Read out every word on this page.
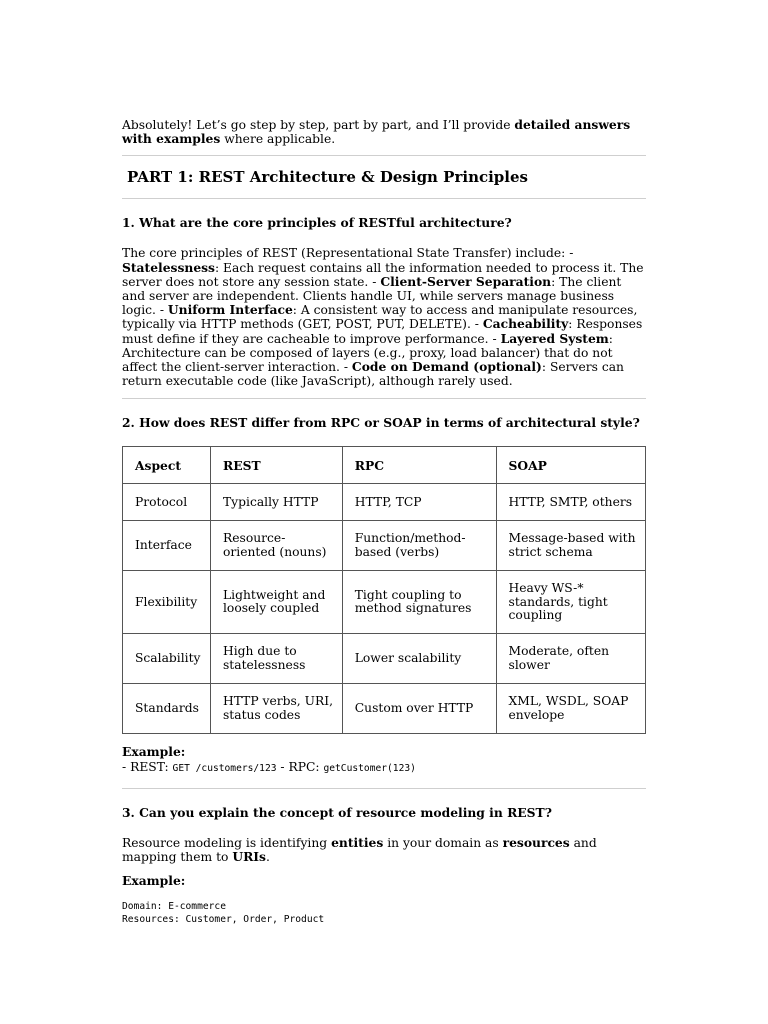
Absolutely! Let’s go step by step, part by part, and I’ll provide detailed answers with examples where applicable.

PART 1: REST Architecture & Design Principles
1. What are the core principles of RESTful architecture?

The core principles of REST (Representational State Transfer) include: - Statelessness: Each request contains all the information needed to process it. The server does not store any session state. - Client-Server Separation: The client and server are independent. Clients handle UI, while servers manage business logic. - Uniform Interface: A consistent way to access and manipulate resources, typically via HTTP methods (GET, POST, PUT, DELETE). - Cacheability: Responses must define if they are cacheable to improve performance. - Layered System: Architecture can be composed of layers (e.g., proxy, load balancer) that do not affect the client-server interaction. - Code on Demand (optional): Servers can return executable code (like JavaScript), although rarely used.

2. How does REST differ from RPC or SOAP in terms of architectural style?
Aspect	REST	RPC	SOAP
Protocol	Typically HTTP	HTTP, TCP	HTTP, SMTP, others
Interface	Resource-oriented (nouns)	Function/method-based (verbs)	Message-based with strict schema
Flexibility	Lightweight and loosely coupled	Tight coupling to method signatures	Heavy WS-* standards, tight coupling
Scalability	High due to statelessness	Lower scalability	Moderate, often slower
Standards	HTTP verbs, URI, status codes	Custom over HTTP	XML, WSDL, SOAP envelope

Example:

- REST: GET /customers/123 - RPC: getCustomer(123)

3. Can you explain the concept of resource modeling in REST?

Resource modeling is identifying entities in your domain as resources and mapping them to URIs.

Example:

Domain: E-commerce
Resources: Customer, Order, Product
